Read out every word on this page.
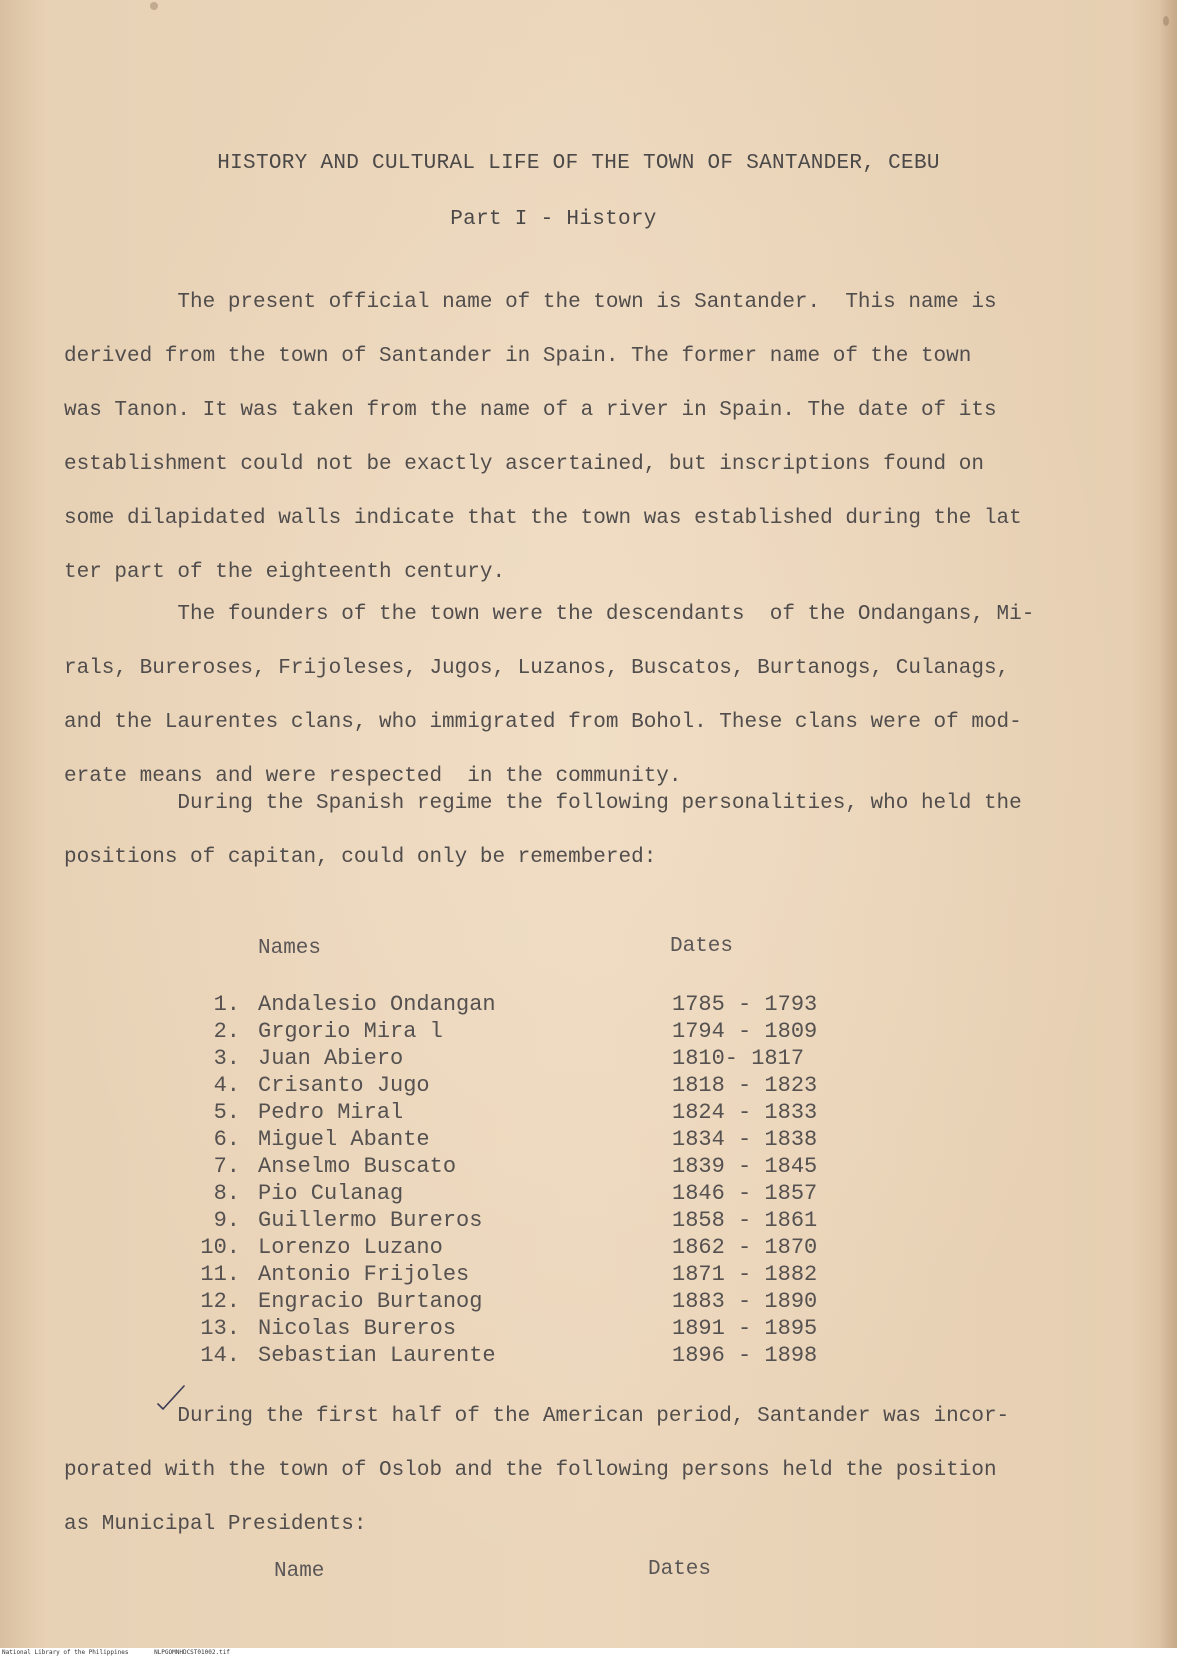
HISTORY AND CULTURAL LIFE OF THE TOWN OF SANTANDER, CEBU
Part I - History
The present official name of the town is Santander.  This name is
derived from the town of Santander in Spain. The former name of the town
was Tanon. It was taken from the name of a river in Spain. The date of its
establishment could not be exactly ascertained, but inscriptions found on
some dilapidated walls indicate that the town was established during the lat
ter part of the eighteenth century.
The founders of the town were the descendants  of the Ondangans, Mi-
rals, Bureroses, Frijoleses, Jugos, Luzanos, Buscatos, Burtanogs, Culanags,
and the Laurentes clans, who immigrated from Bohol. These clans were of mod-
erate means and were respected  in the community.
During the Spanish regime the following personalities, who held the
positions of capitan, could only be remembered:
Names	Dates
1. Andalesio Ondangan	1785 - 1793
2. Grgorio Mira l	1794 - 1809
3. Juan Abiero	1810- 1817
4. Crisanto Jugo	1818 - 1823
5. Pedro Miral	1824 - 1833
6. Miguel Abante	1834 - 1838
7. Anselmo Buscato	1839 - 1845
8. Pio Culanag	1846 - 1857
9. Guillermo Bureros	1858 - 1861
10. Lorenzo Luzano	1862 - 1870
11. Antonio Frijoles	1871 - 1882
12. Engracio Burtanog	1883 - 1890
13. Nicolas Bureros	1891 - 1895
14. Sebastian Laurente	1896 - 1898
During the first half of the American period, Santander was incor-
porated with the town of Oslob and the following persons held the position
as Municipal Presidents:
Name	Dates
National Library of the Philippines	NLPGOMNHDCST01002.tif
